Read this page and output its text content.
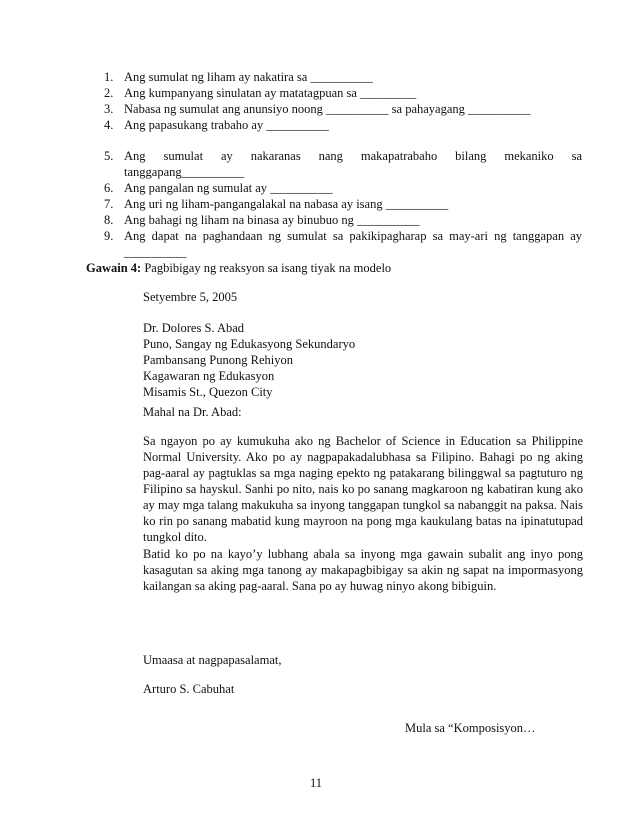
1. Ang sumulat ng liham ay nakatira sa __________
2. Ang kumpanyang sinulatan ay matatagpuan sa _________
3. Nabasa ng sumulat ang anunsiyo noong __________ sa pahayagang __________
4. Ang papasukang trabaho ay __________
5. Ang sumulat ay nakaranas nang makapatrabaho bilang mekaniko sa tanggapang__________
6. Ang pangalan ng sumulat ay __________
7. Ang uri ng liham-pangangalakal na nabasa ay isang __________
8. Ang bahagi ng liham na binasa ay binubuo ng __________
9. Ang dapat na paghandaan ng sumulat sa pakikipagharap sa may-ari ng tanggapan ay __________
Gawain 4: Pagbibigay ng reaksyon sa isang tiyak na modelo
Setyembre 5, 2005
Dr. Dolores S. Abad
Puno, Sangay ng Edukasyong Sekundaryo
Pambansang Punong Rehiyon
Kagawaran ng Edukasyon
Misamis St., Quezon City
Mahal na Dr. Abad:
Sa ngayon po ay kumukuha ako ng Bachelor of Science in Education sa Philippine Normal University. Ako po ay nagpapakadalubhasa sa Filipino. Bahagi po ng aking pag-aaral ay pagtuklas sa mga naging epekto ng patakarang bilinggwal sa pagtuturo ng Filipino sa hayskul. Sanhi po nito, nais ko po sanang magkaroon ng kabatiran kung ako ay may mga talang makukuha sa inyong tanggapan tungkol sa nabanggit na paksa. Nais ko rin po sanang mabatid kung mayroon na pong mga kaukulang batas na ipinatutupad tungkol dito.
Batid ko po na kayo’y lubhang abala sa inyong mga gawain subalit ang inyo pong kasagutan sa aking mga tanong ay makapagbibigay sa akin ng sapat na impormasyong kailangan sa aking pag-aaral. Sana po ay huwag ninyo akong bibiguin.
Umaasa at nagpapasalamat,
Arturo S. Cabuhat
Mula sa “Komposisyon…
11
